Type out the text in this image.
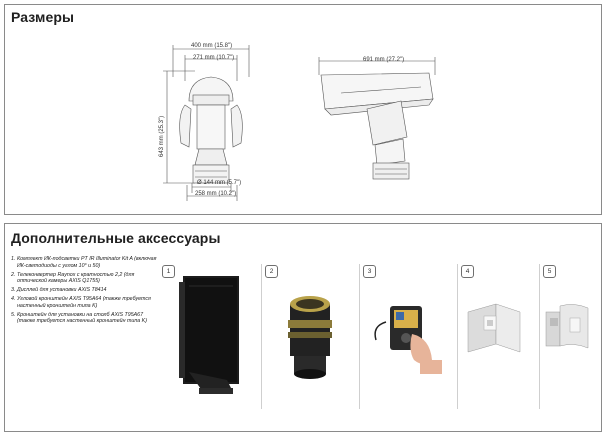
Размеры
400 mm (15.8")
271 mm (10.7")
643 mm (25.3")
Ø 144 mm (5.7")
258 mm (10.2")
691 mm (27.2")
Дополнительные аксессуары
1. Комплект ИК-подсветки PT IR Illuminator Kit A (включая ИК-светодиоды с углом 10° и 50)
2. Телеконвертер Raynox с кратностью 2,2 (для оптической камеры AXIS Q1755)
3. Дисплей для установки AXIS T8414
4. Угловой кронштейн AXIS T95A64 (также требуется настенный кронштейн типа K)
5. Кронштейн для установки на столб AXIS T95A67 (также требуется настенный кронштейн типа K)
1	2	3	4	5
